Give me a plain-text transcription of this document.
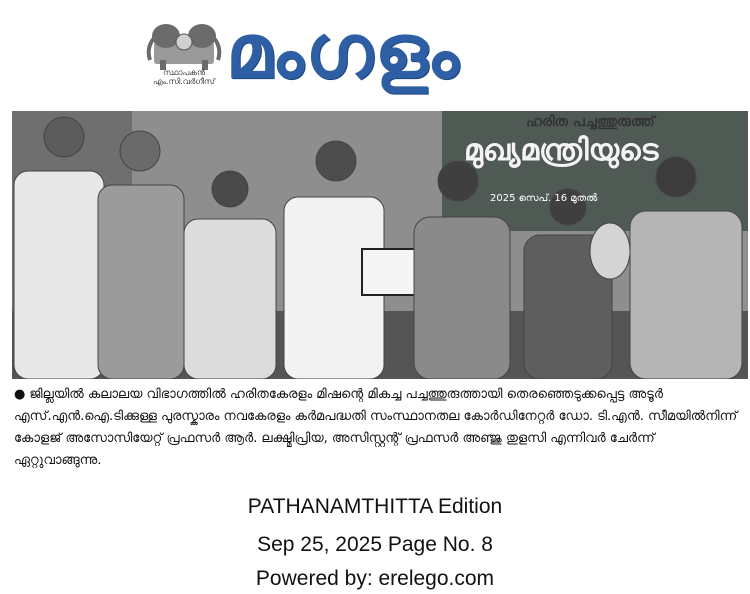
സ്ഥാപകൻ എം.സി.വർഗീസ് മംഗളം
ഹരിത പച്ചത്തുരുത്ത്
മുഖ്യമന്ത്രിയുടെ
2025 സെപ്. 16 മുതൽ
● ജില്ലയിൽ കലാലയ വിഭാഗത്തിൽ ഹരിതകേരളം മിഷന്റെ മികച്ച പച്ചത്തുരുത്തായി തെരഞ്ഞെടുക്കപ്പെട്ട അടൂർ എസ്.എൻ.ഐ.ടിക്കുള്ള പുരസ്കാരം നവകേരളം കർമപദ്ധതി സംസ്ഥാനതല കോർഡിനേറ്റർ ഡോ. ടി.എൻ. സീമയിൽനിന്ന് കോളജ് അസോസിയേറ്റ് പ്രഫസർ ആർ. ലക്ഷ്മിപ്രിയ, അസിസ്റ്റന്റ് പ്രഫസർ അഞ്ജു തുളസി എന്നിവർ ചേർന്ന് ഏറ്റുവാങ്ങുന്നു.
PATHANAMTHITTA Edition
Sep 25, 2025 Page No. 8
Powered by: erelego.com
